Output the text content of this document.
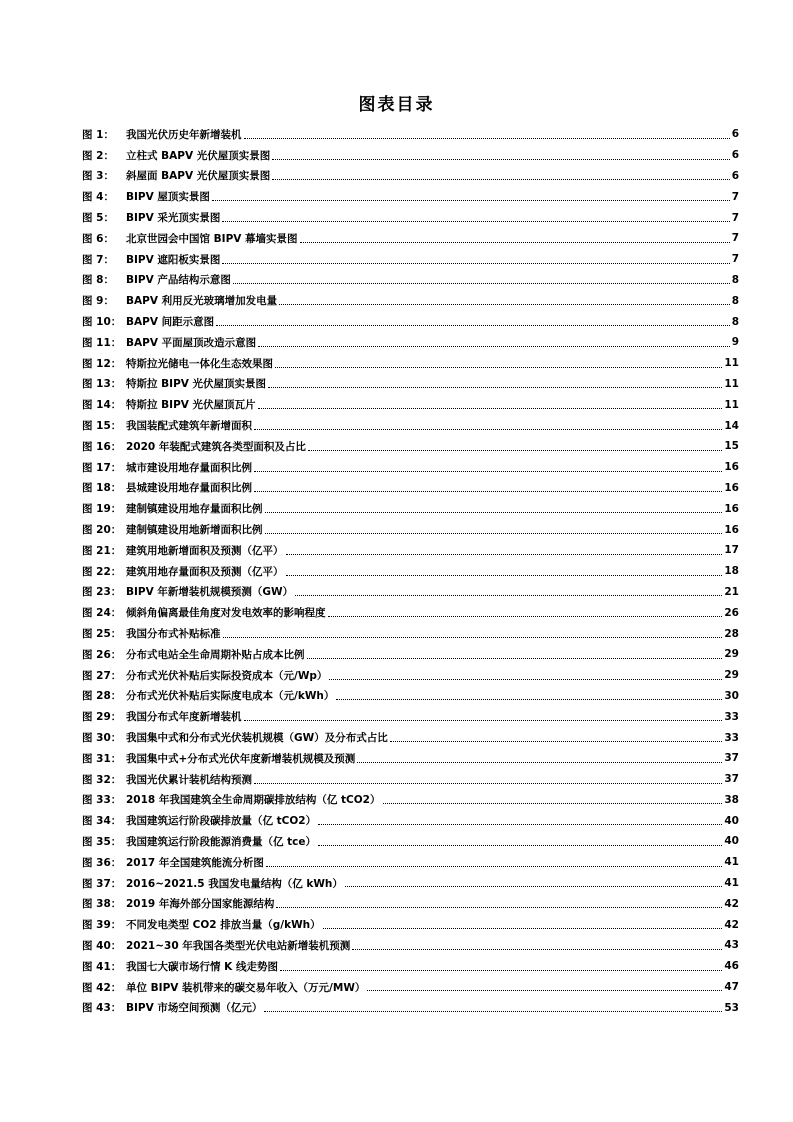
图表目录
图 1：	我国光伏历史年新增装机	6
图 2：	立柱式 BAPV 光伏屋顶实景图	6
图 3：	斜屋面 BAPV 光伏屋顶实景图	6
图 4：	BIPV 屋顶实景图	7
图 5：	BIPV 采光顶实景图	7
图 6：	北京世园会中国馆 BIPV 幕墙实景图	7
图 7：	BIPV 遮阳板实景图	7
图 8：	BIPV 产品结构示意图	8
图 9：	BAPV 利用反光玻璃增加发电量	8
图 10： BAPV 间距示意图	8
图 11： BAPV 平面屋顶改造示意图	9
图 12： 特斯拉光储电一体化生态效果图	11
图 13： 特斯拉 BIPV 光伏屋顶实景图	11
图 14： 特斯拉 BIPV 光伏屋顶瓦片	11
图 15： 我国装配式建筑年新增面积	14
图 16： 2020 年装配式建筑各类型面积及占比	15
图 17： 城市建设用地存量面积比例	16
图 18： 县城建设用地存量面积比例	16
图 19： 建制镇建设用地存量面积比例	16
图 20： 建制镇建设用地新增面积比例	16
图 21： 建筑用地新增面积及预测（亿平）	17
图 22： 建筑用地存量面积及预测（亿平）	18
图 23： BIPV 年新增装机规模预测（GW）	21
图 24： 倾斜角偏离最佳角度对发电效率的影响程度	26
图 25： 我国分布式补贴标准	28
图 26： 分布式电站全生命周期补贴占成本比例	29
图 27： 分布式光伏补贴后实际投资成本（元/Wp）	29
图 28： 分布式光伏补贴后实际度电成本（元/kWh）	30
图 29： 我国分布式年度新增装机	33
图 30： 我国集中式和分布式光伏装机规模（GW）及分布式占比	33
图 31： 我国集中式+分布式光伏年度新增装机规模及预测	37
图 32： 我国光伏累计装机结构预测	37
图 33： 2018 年我国建筑全生命周期碳排放结构（亿 tCO2）	38
图 34： 我国建筑运行阶段碳排放量（亿 tCO2）	40
图 35： 我国建筑运行阶段能源消费量（亿 tce）	40
图 36： 2017 年全国建筑能流分析图	41
图 37： 2016~2021.5 我国发电量结构（亿 kWh）	41
图 38： 2019 年海外部分国家能源结构	42
图 39： 不同发电类型 CO2 排放当量（g/kWh）	42
图 40： 2021~30 年我国各类型光伏电站新增装机预测	43
图 41： 我国七大碳市场行情 K 线走势图	46
图 42： 单位 BIPV 装机带来的碳交易年收入（万元/MW）	47
图 43： BIPV 市场空间预测（亿元）	53
